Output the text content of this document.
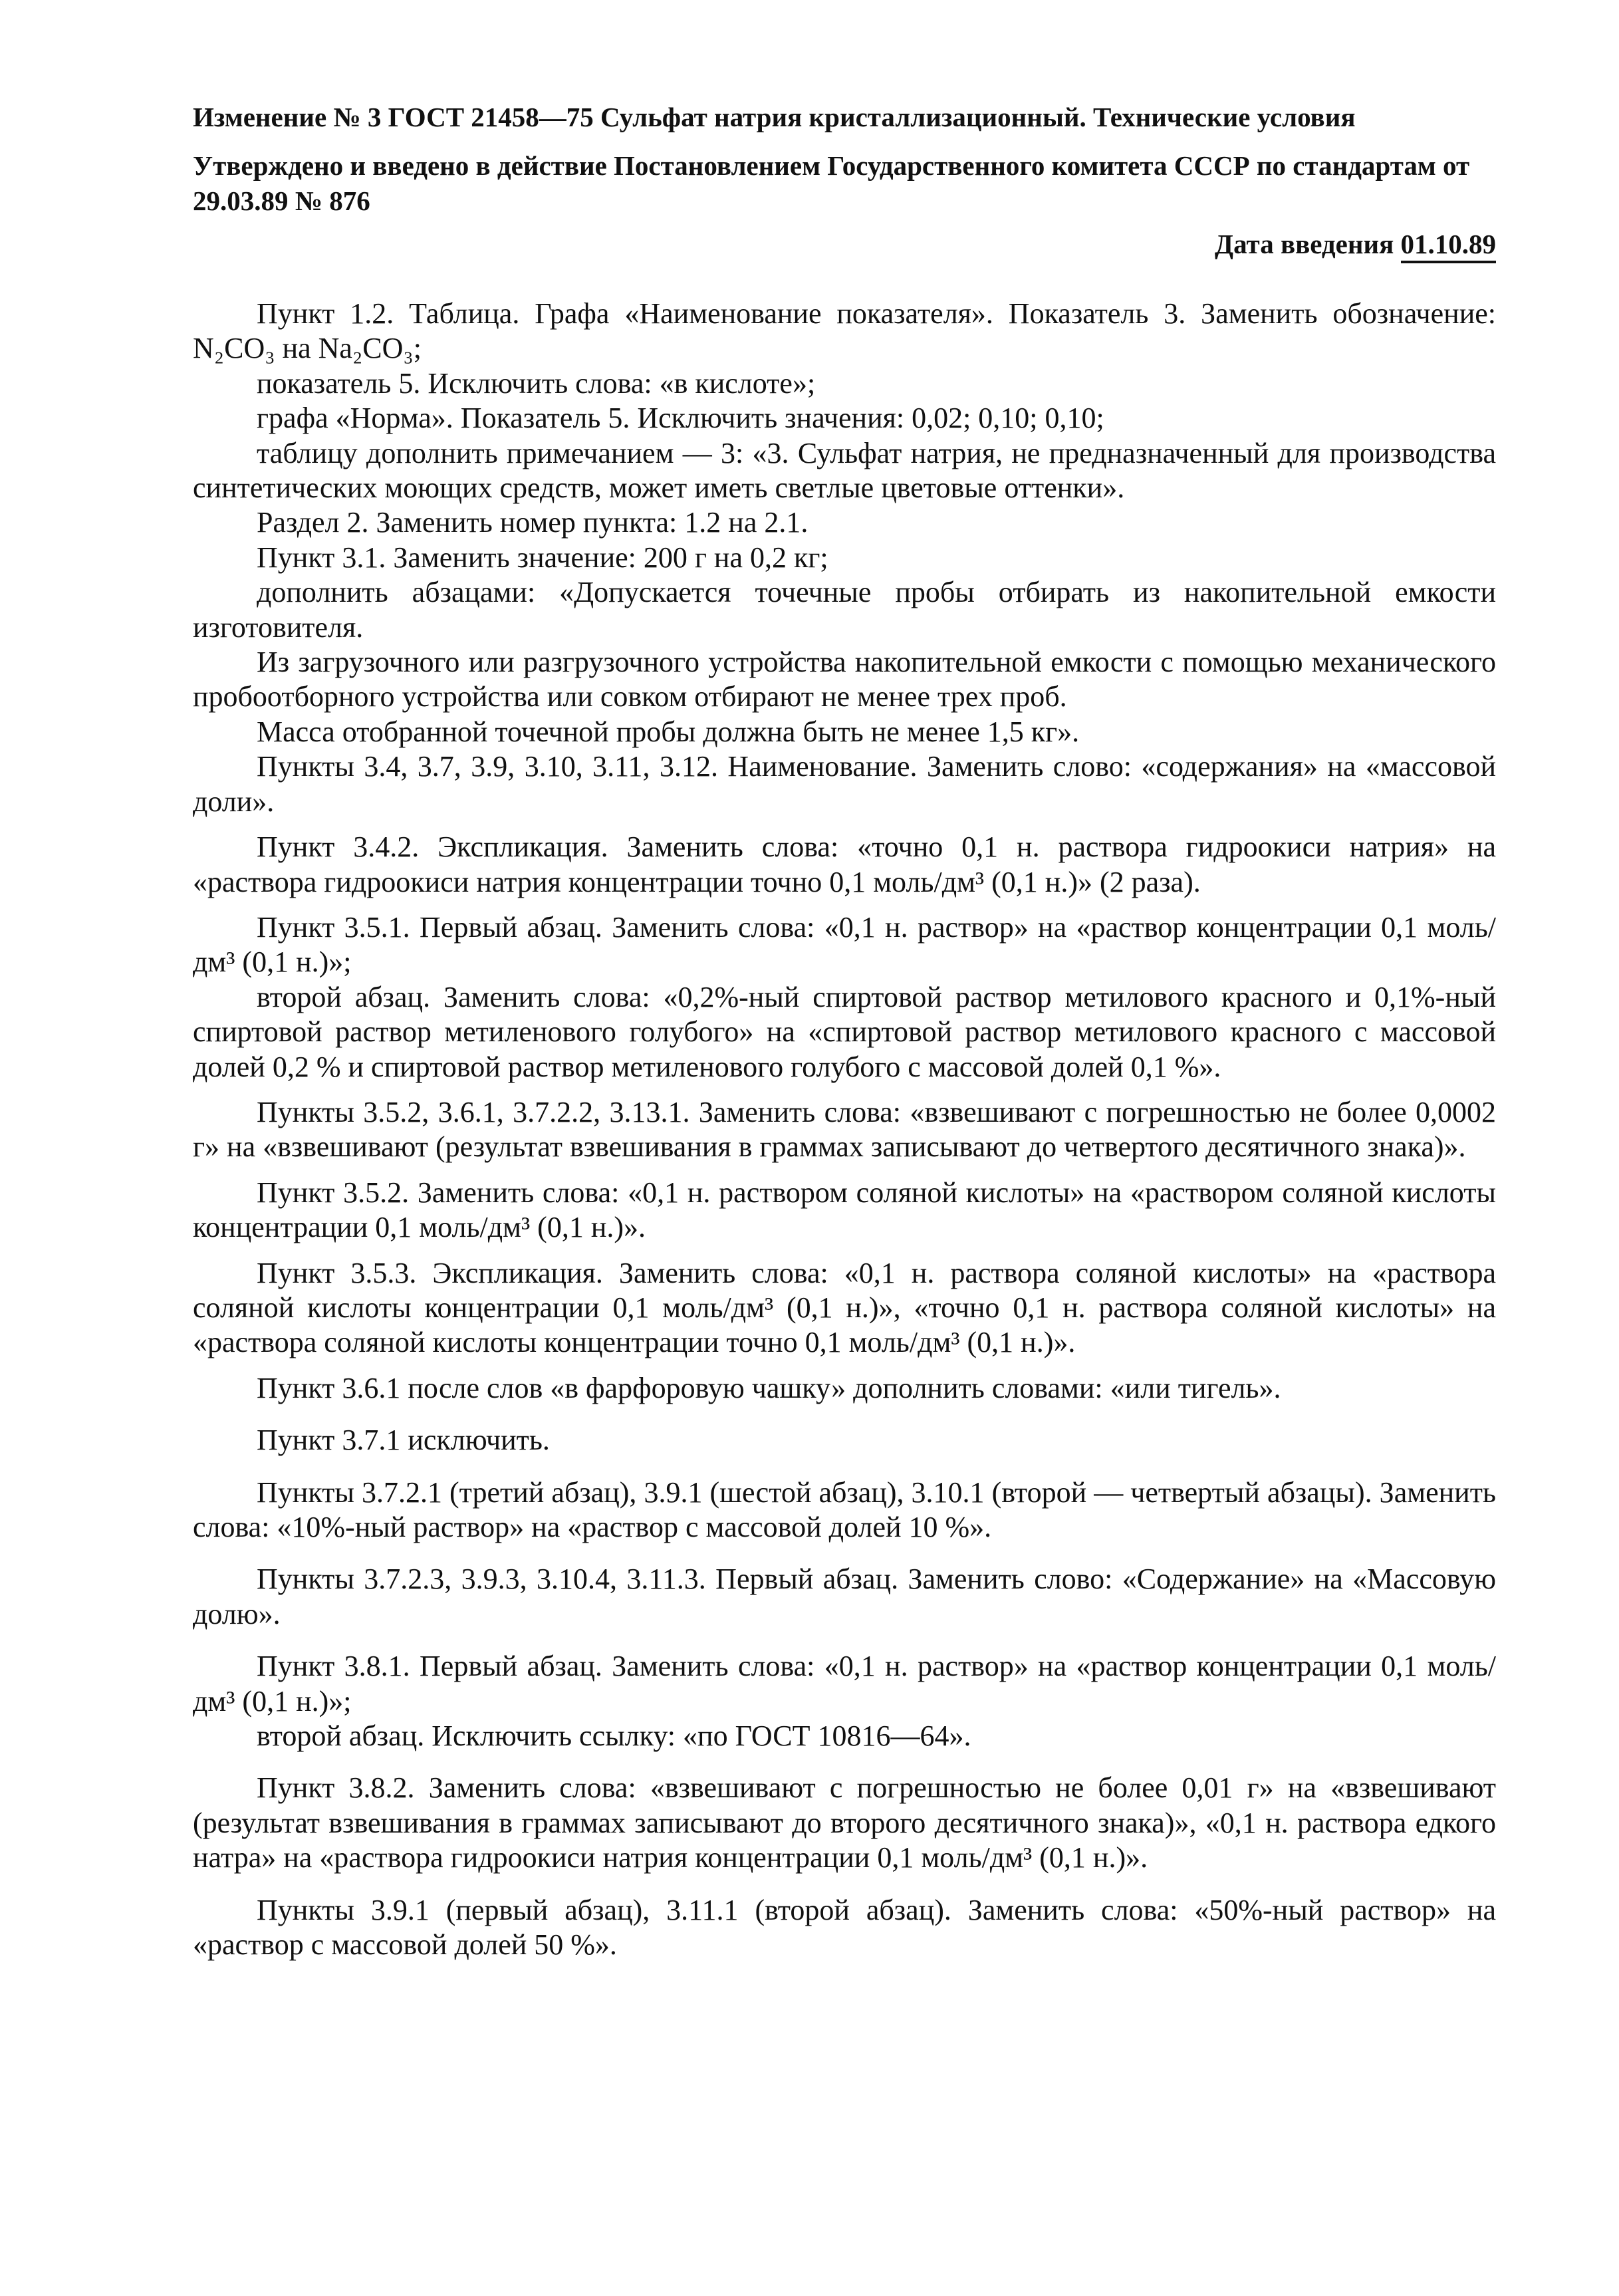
Изменение № 3 ГОСТ 21458—75 Сульфат натрия кристаллизационный. Технические условия

Утверждено и введено в действие Постановлением Государственного комитета СССР по стандартам от 29.03.89 № 876

Дата введения 01.10.89

Пункт 1.2. Таблица. Графа «Наименование показателя». Показатель 3. Заменить обозначение: N₂CO₃ на Na₂CO₃;

показатель 5. Исключить слова: «в кислоте»;

графа «Норма». Показатель 5. Исключить значения: 0,02; 0,10; 0,10;

таблицу дополнить примечанием — 3: «3. Сульфат натрия, не предназначенный для производства синтетических моющих средств, может иметь светлые цветовые оттенки».

Раздел 2. Заменить номер пункта: 1.2 на 2.1.

Пункт 3.1. Заменить значение: 200 г на 0,2 кг;

дополнить абзацами: «Допускается точечные пробы отбирать из накопительной емкости изготовителя.

Из загрузочного или разгрузочного устройства накопительной емкости с помощью механического пробоотборного устройства или совком отбирают не менее трех проб.

Масса отобранной точечной пробы должна быть не менее 1,5 кг».

Пункты 3.4, 3.7, 3.9, 3.10, 3.11, 3.12. Наименование. Заменить слово: «содержания» на «массовой доли».

Пункт 3.4.2. Экспликация. Заменить слова: «точно 0,1 н. раствора гидроокиси натрия» на «раствора гидроокиси натрия концентрации точно 0,1 моль/дм³ (0,1 н.)» (2 раза).

Пункт 3.5.1. Первый абзац. Заменить слова: «0,1 н. раствор» на «раствор концентрации 0,1 моль/дм³ (0,1 н.)»;

второй абзац. Заменить слова: «0,2%-ный спиртовой раствор метилового красного и 0,1%-ный спиртовой раствор метиленового голубого» на «спиртовой раствор метилового красного с массовой долей 0,2 % и спиртовой раствор метиленового голубого с массовой долей 0,1 %».

Пункты 3.5.2, 3.6.1, 3.7.2.2, 3.13.1. Заменить слова: «взвешивают с погрешностью не более 0,0002 г» на «взвешивают (результат взвешивания в граммах записывают до четвертого десятичного знака)».

Пункт 3.5.2. Заменить слова: «0,1 н. раствором соляной кислоты» на «раствором соляной кислоты концентрации 0,1 моль/дм³ (0,1 н.)».

Пункт 3.5.3. Экспликация. Заменить слова: «0,1 н. раствора соляной кислоты» на «раствора соляной кислоты концентрации 0,1 моль/дм³ (0,1 н.)», «точно 0,1 н. раствора соляной кислоты» на «раствора соляной кислоты концентрации точно 0,1 моль/дм³ (0,1 н.)».

Пункт 3.6.1 после слов «в фарфоровую чашку» дополнить словами: «или тигель».

Пункт 3.7.1 исключить.

Пункты 3.7.2.1 (третий абзац), 3.9.1 (шестой абзац), 3.10.1 (второй — четвертый абзацы). Заменить слова: «10%-ный раствор» на «раствор с массовой долей 10 %».

Пункты 3.7.2.3, 3.9.3, 3.10.4, 3.11.3. Первый абзац. Заменить слово: «Содержание» на «Массовую долю».

Пункт 3.8.1. Первый абзац. Заменить слова: «0,1 н. раствор» на «раствор концентрации 0,1 моль/дм³ (0,1 н.)»;

второй абзац. Исключить ссылку: «по ГОСТ 10816—64».

Пункт 3.8.2. Заменить слова: «взвешивают с погрешностью не более 0,01 г» на «взвешивают (результат взвешивания в граммах записывают до второго десятичного знака)», «0,1 н. раствора едкого натра» на «раствора гидроокиси натрия концентрации 0,1 моль/дм³ (0,1 н.)».

Пункты 3.9.1 (первый абзац), 3.11.1 (второй абзац). Заменить слова: «50%-ный раствор» на «раствор с массовой долей 50 %».
